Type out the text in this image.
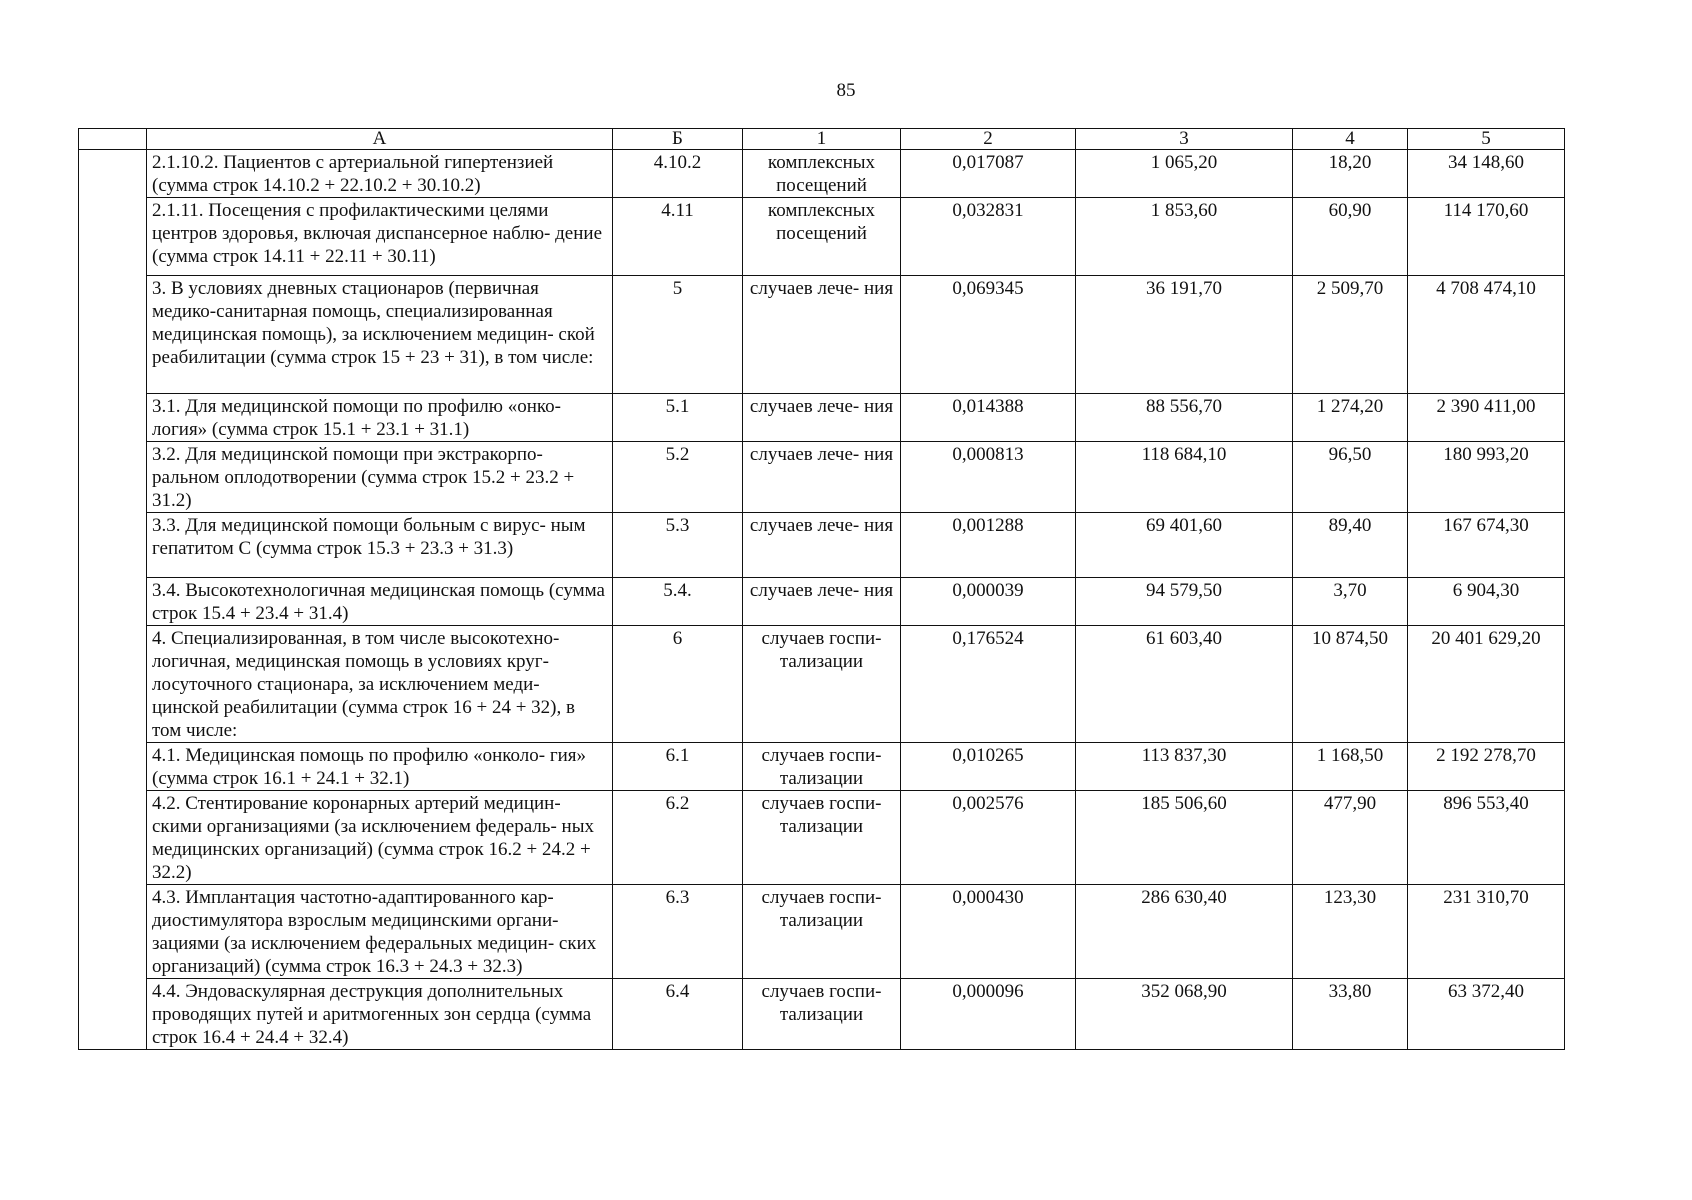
85
	А	Б	1	2	3	4	5
	2.1.10.2. Пациентов с артериальной гипертензией (сумма строк 14.10.2 + 22.10.2 + 30.10.2)	4.10.2	комплексных посещений	0,017087	1 065,20	18,20	34 148,60
	2.1.11. Посещения с профилактическими целями центров здоровья, включая диспансерное наблю- дение (сумма строк 14.11 + 22.11 + 30.11)	4.11	комплексных посещений	0,032831	1 853,60	60,90	114 170,60
	3. В условиях дневных стационаров (первичная медико-санитарная помощь, специализированная медицинская помощь), за исключением медицин- ской реабилитации (сумма строк 15 + 23 + 31), в том числе:	5	случаев лече- ния	0,069345	36 191,70	2 509,70	4 708 474,10
	3.1. Для медицинской помощи по профилю «онко- логия» (сумма строк 15.1 + 23.1 + 31.1)	5.1	случаев лече- ния	0,014388	88 556,70	1 274,20	2 390 411,00
	3.2. Для медицинской помощи при экстракорпо- ральном оплодотворении (сумма строк 15.2 + 23.2 + 31.2)	5.2	случаев лече- ния	0,000813	118 684,10	96,50	180 993,20
	3.3. Для медицинской помощи больным с вирус- ным гепатитом С (сумма строк 15.3 + 23.3 + 31.3)	5.3	случаев лече- ния	0,001288	69 401,60	89,40	167 674,30
	3.4. Высокотехнологичная медицинская помощь (сумма строк 15.4 + 23.4 + 31.4)	5.4.	случаев лече- ния	0,000039	94 579,50	3,70	6 904,30
	4. Специализированная, в том числе высокотехно- логичная, медицинская помощь в условиях круг- лосуточного стационара, за исключением меди- цинской реабилитации (сумма строк 16 + 24 + 32), в том числе:	6	случаев госпи- тализации	0,176524	61 603,40	10 874,50	20 401 629,20
	4.1. Медицинская помощь по профилю «онколо- гия» (сумма строк 16.1 + 24.1 + 32.1)	6.1	случаев госпи- тализации	0,010265	113 837,30	1 168,50	2 192 278,70
	4.2. Стентирование коронарных артерий медицин- скими организациями (за исключением федераль- ных медицинских организаций) (сумма строк 16.2 + 24.2 + 32.2)	6.2	случаев госпи- тализации	0,002576	185 506,60	477,90	896 553,40
	4.3. Имплантация частотно-адаптированного кар- диостимулятора взрослым медицинскими органи- зациями (за исключением федеральных медицин- ских организаций) (сумма строк 16.3 + 24.3 + 32.3)	6.3	случаев госпи- тализации	0,000430	286 630,40	123,30	231 310,70
	4.4. Эндоваскулярная деструкция дополнительных проводящих путей и аритмогенных зон сердца (сумма строк 16.4 + 24.4 + 32.4)	6.4	случаев госпи- тализации	0,000096	352 068,90	33,80	63 372,40
